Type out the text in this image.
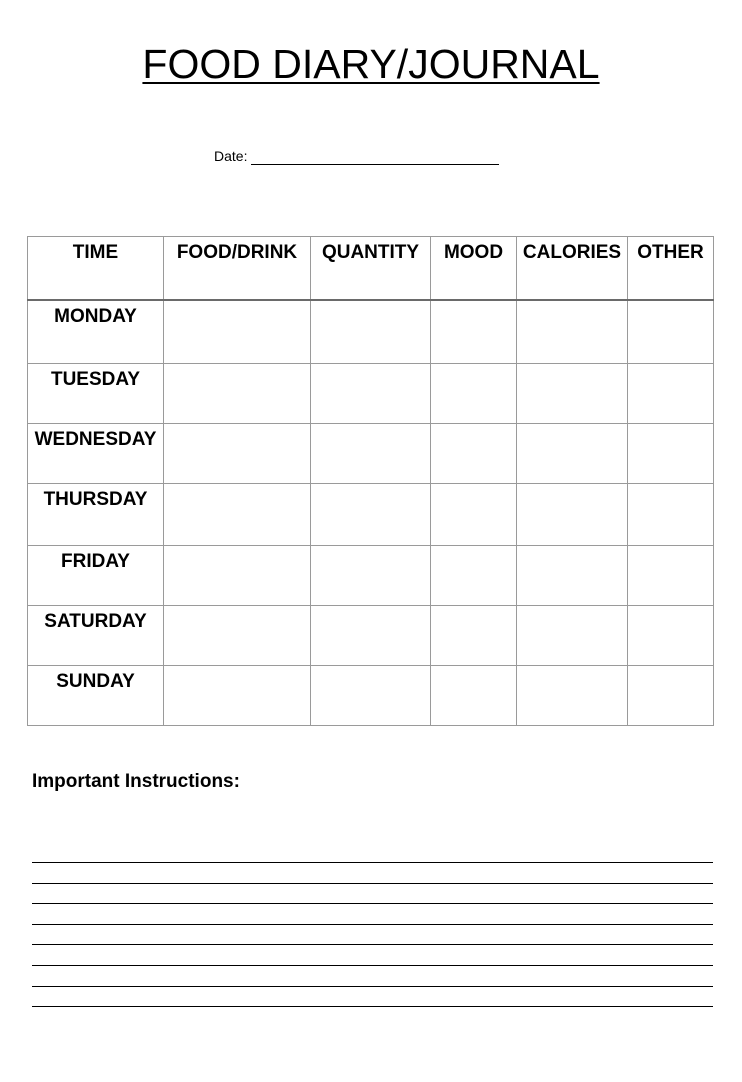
FOOD DIARY/JOURNAL
Date:
TIME	FOOD/DRINK	QUANTITY	MOOD	CALORIES	OTHER
MONDAY					
TUESDAY					
WEDNESDAY					
THURSDAY					
FRIDAY					
SATURDAY					
SUNDAY					
Important Instructions:
